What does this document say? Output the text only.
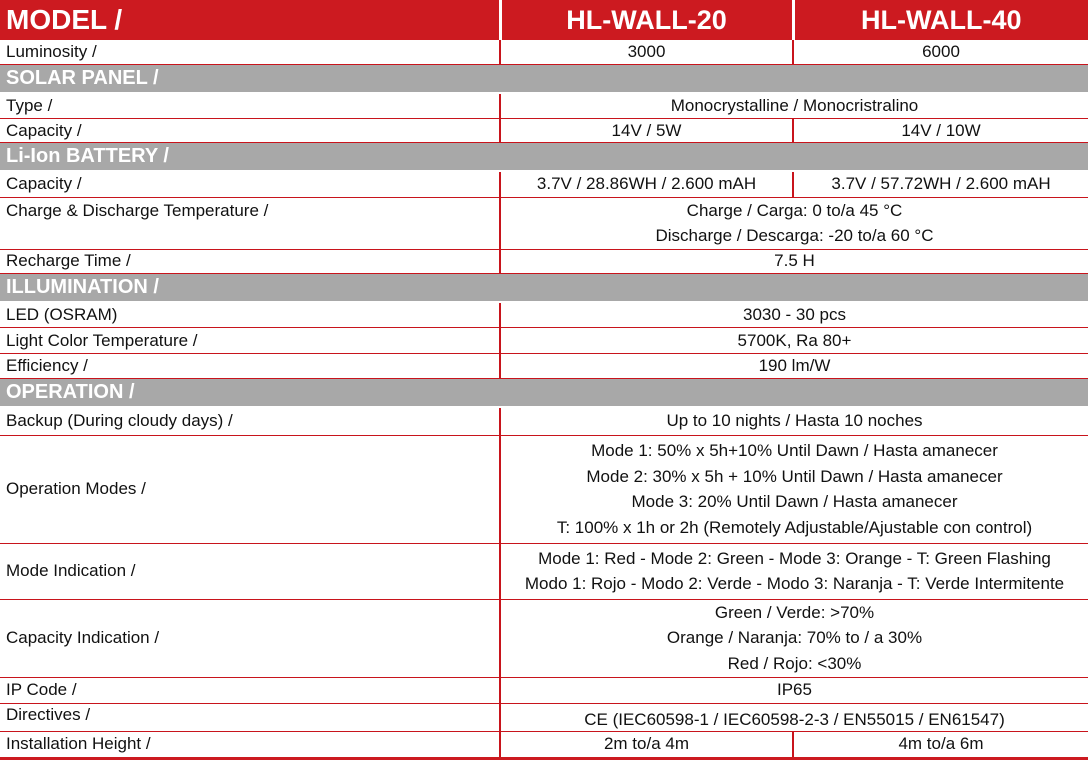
MODEL /	HL-WALL-20	HL-WALL-40
Luminosity /	3000	6000
SOLAR PANEL /		
Type /	Monocrystalline / Monocristralino	
Capacity /	14V / 5W	14V / 10W
Li-Ion BATTERY /		
Capacity /	3.7V / 28.86WH / 2.600 mAH	3.7V / 57.72WH / 2.600 mAH
Charge & Discharge Temperature /	Charge / Carga: 0 to/a 45 °C
Discharge / Descarga: -20 to/a 60 °C	

Recharge Time /	7.5 H	
ILLUMINATION /		
LED (OSRAM)	3030 - 30 pcs	
Light Color Temperature /	5700K, Ra 80+	
Efficiency /	190 lm/W	
OPERATION /		
Backup (During cloudy days) /	Up to 10 nights / Hasta 10 noches	
Operation Modes /	Mode 1: 50% x 5h+10% Until Dawn / Hasta amanecer
Mode 2: 30% x 5h + 10% Until Dawn / Hasta amanecer
Mode 3: 20% Until Dawn / Hasta amanecer
T: 100% x 1h or 2h (Remotely Adjustable/Ajustable con control)	

Mode Indication /	Mode 1: Red - Mode 2: Green - Mode 3: Orange - T: Green Flashing
Modo 1: Rojo - Modo 2: Verde - Modo 3: Naranja - T: Verde Intermitente	

Capacity Indication /	Green / Verde: >70%
Orange / Naranja: 70% to / a 30%
Red / Rojo: <30%	

IP Code /	IP65	
Directives /	CE (IEC60598-1 / IEC60598-2-3 / EN55015 / EN61547)	
Installation Height /	2m to/a 4m	4m to/a 6m
